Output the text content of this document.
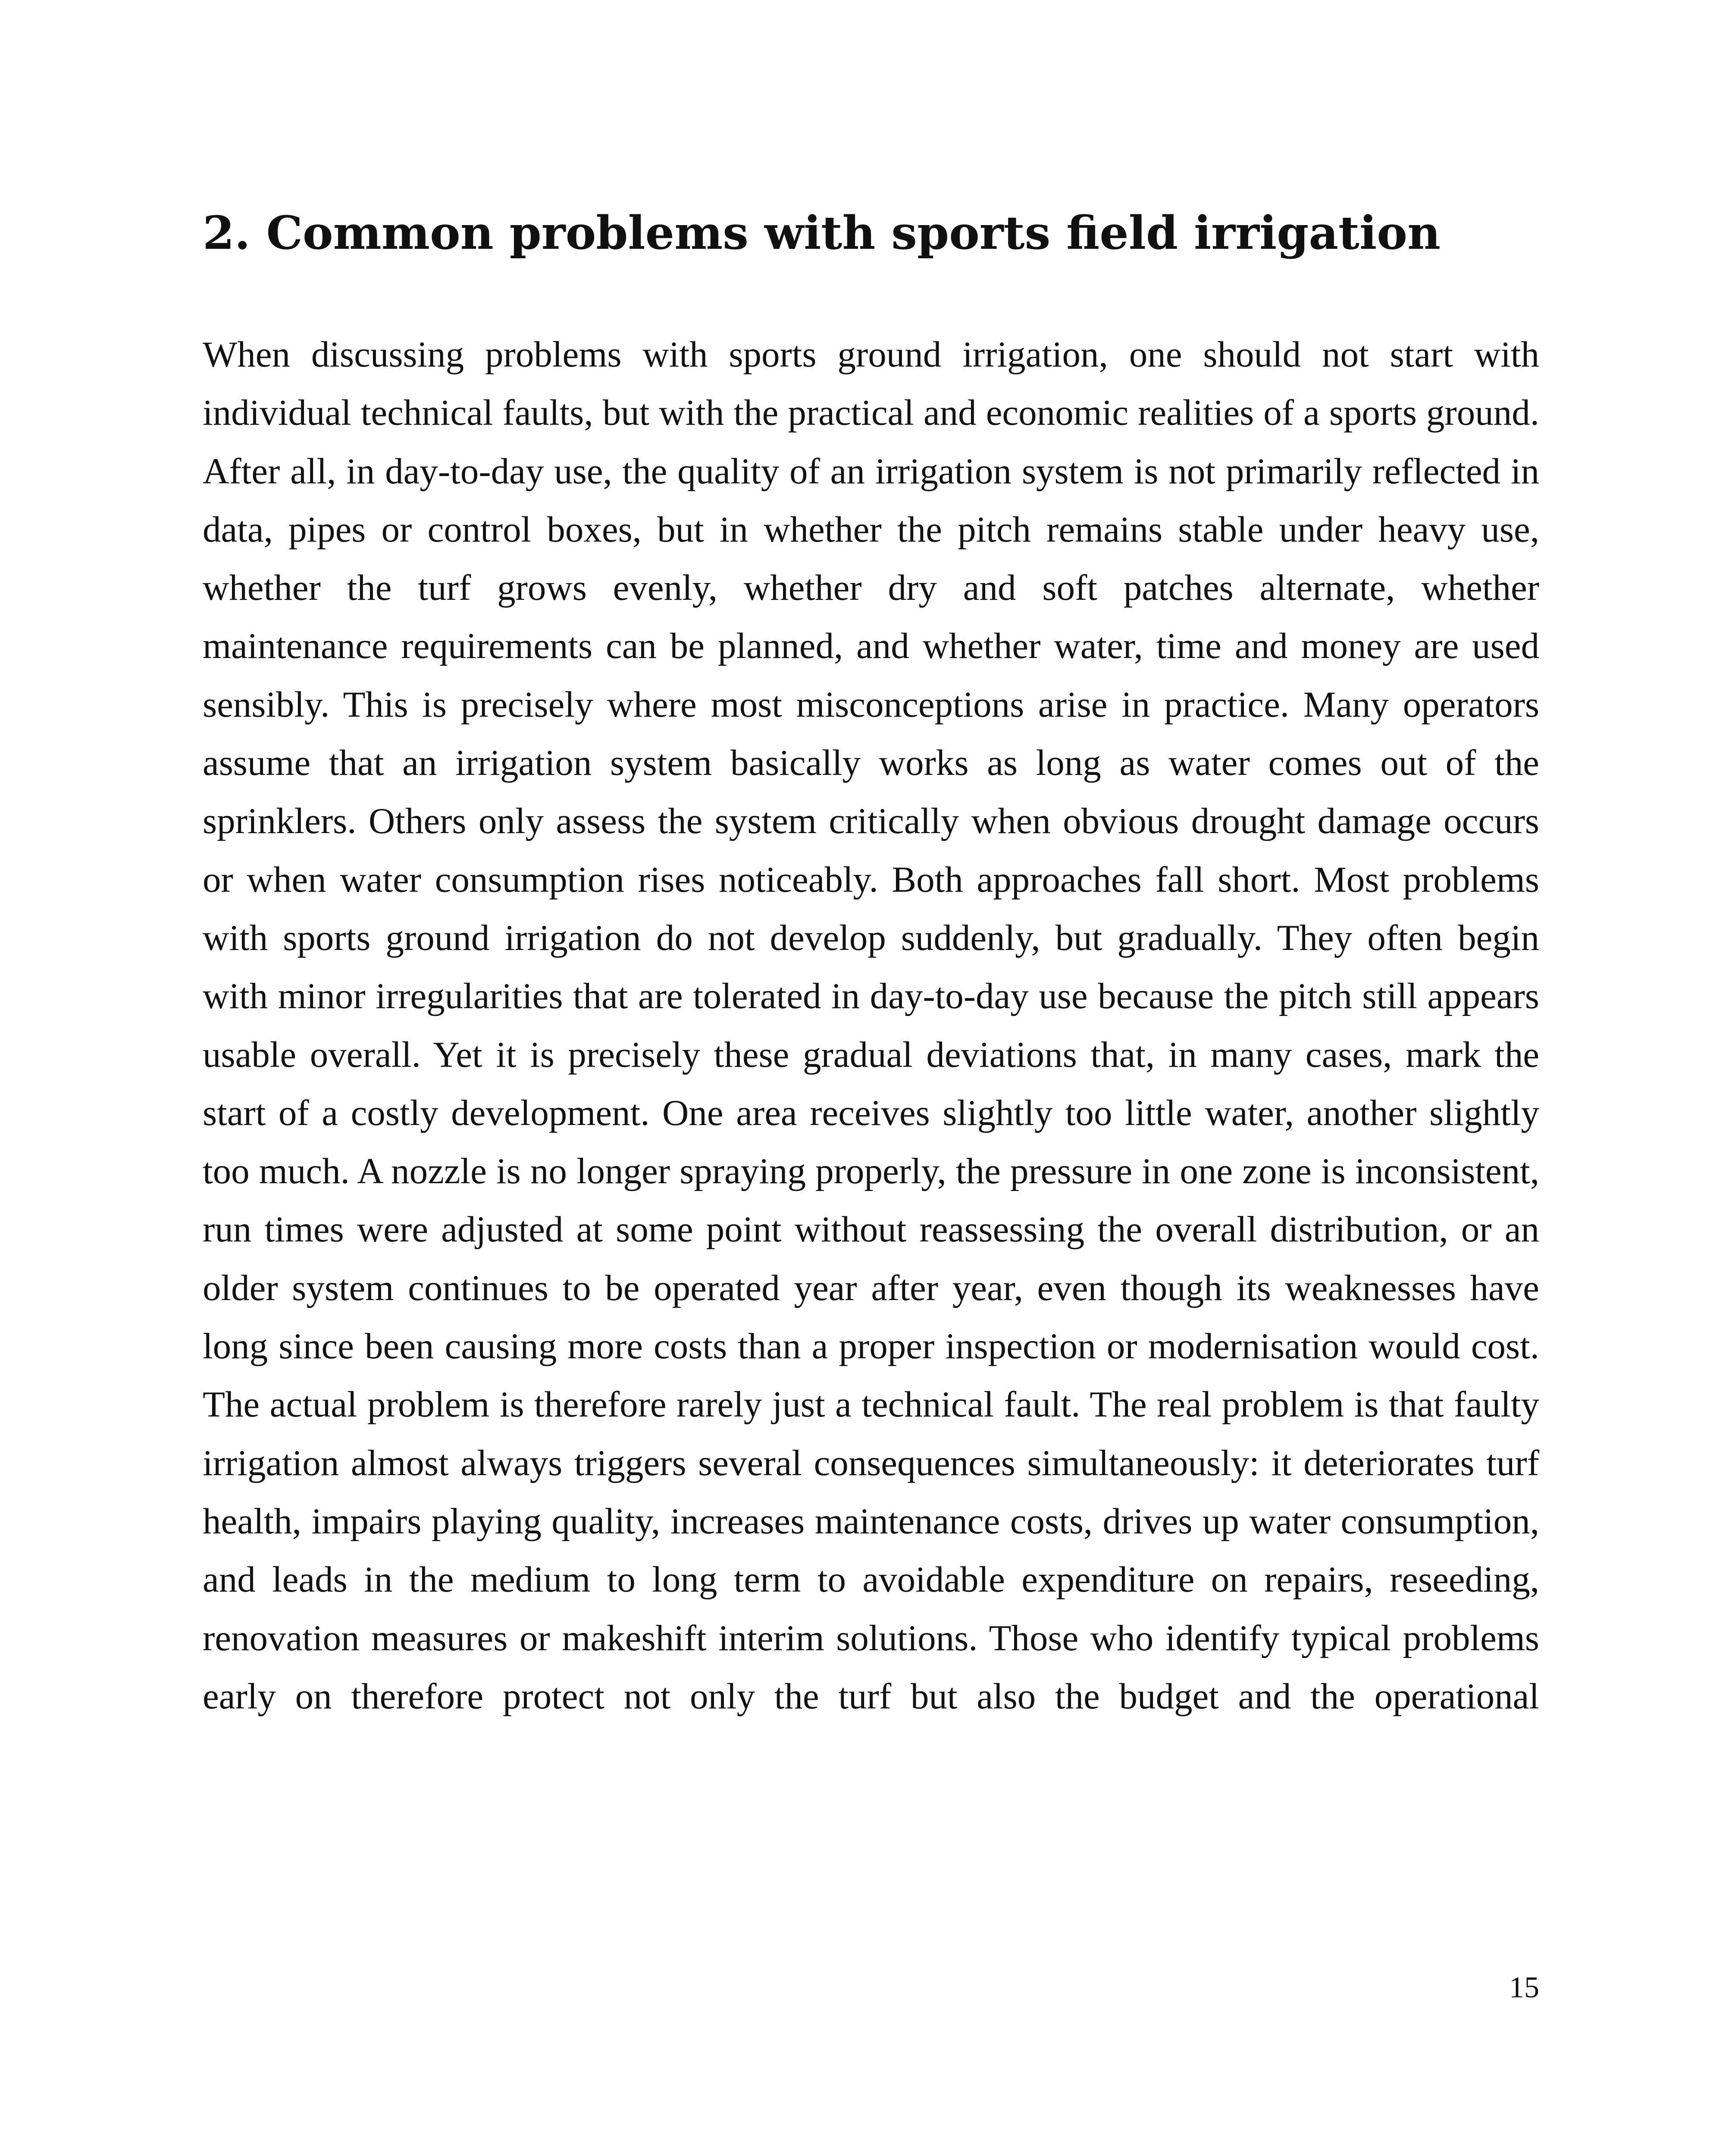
2. Common problems with sports field irrigation

When discussing problems with sports ground irrigation, one should not start with individual technical faults, but with the practical and economic realities of a sports ground. After all, in day-to-day use, the quality of an irrigation system is not primarily reflected in data, pipes or control boxes, but in whether the pitch remains stable under heavy use, whether the turf grows evenly, whether dry and soft patches alternate, whether maintenance requirements can be planned, and whether water, time and money are used sensibly. This is precisely where most misconceptions arise in practice. Many operators assume that an irrigation system basically works as long as water comes out of the sprinklers. Others only assess the system critically when obvious drought damage occurs or when water consumption rises noticeably. Both approaches fall short. Most problems with sports ground irrigation do not develop suddenly, but gradually. They often begin with minor irregularities that are tolerated in day-to-day use because the pitch still appears usable overall. Yet it is precisely these gradual deviations that, in many cases, mark the start of a costly development. One area receives slightly too little water, another slightly too much. A nozzle is no longer spraying properly, the pressure in one zone is inconsistent, run times were adjusted at some point without reassessing the overall distribution, or an older system continues to be operated year after year, even though its weaknesses have long since been causing more costs than a proper inspection or modernisation would cost. The actual problem is therefore rarely just a technical fault. The real problem is that faulty irrigation almost always triggers several consequences simultaneously: it deteriorates turf health, impairs playing quality, increases maintenance costs, drives up water consumption, and leads in the medium to long term to avoidable expenditure on repairs, reseeding, renovation measures or makeshift interim solutions. Those who identify typical problems early on therefore protect not only the turf but also the budget and the operational

15
